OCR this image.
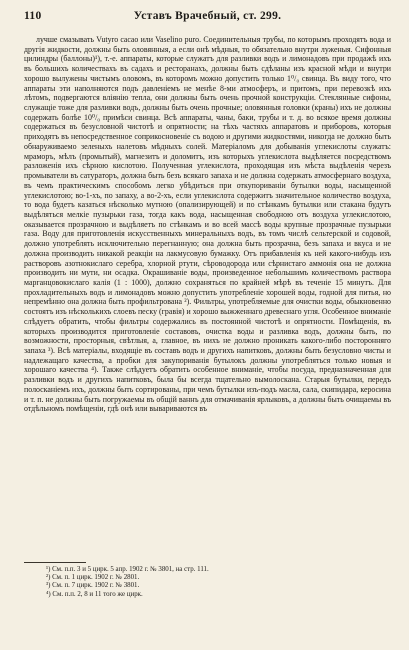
110	Уставъ Врачебный, ст. 299.

лучше смазывать Vutyro cacao или Vaselino puro. Соединительныя трубы, по которымъ проходятъ вода и другія жидкости, должны быть оловянныя, а если онѣ мѣдныя, то обязательно внутри луженыя. Сифонныя цилиндры (баллоны)¹), т.-е. аппараты, которые служатъ для разливки водъ и лимонадовъ при продажѣ ихъ въ большихъ количествахъ въ садахъ и ресторанахъ, должны быть сдѣланы изъ красной мѣди и внутри хорошо вылужены чистымъ оловомъ, въ которомъ можно допустить только 1⁰/₀ свинца. Въ виду того, что аппараты эти наполняются подъ давленіемъ не менѣе 8-ми атмосферъ, и притомъ, при перевозкѣ ихъ лѣтомъ, подвергаются вліянію тепла, они должны быть очень прочной конструкціи. Стеклянные сифоны, служащіе тоже для разливки водъ, должны быть очень прочные; оловянныя головки (краны) ихъ не должны содержать болѣе 10⁰/₀ примѣси свинца. Всѣ аппараты, чаны, баки, трубы и т. д. во всякое время должны содержаться въ безусловной чистотѣ и опрятности; на тѣхъ частяхъ аппаратовъ и приборовъ, которыя приходятъ въ непосредственное соприкосновеніе съ водою и другими жидкостями, никогда не должно быть обнаруживаемо зеленыхъ налетовъ мѣдныхъ солей. Матеріаломъ для добыванія углекислоты служатъ: мраморъ, мѣлъ (промытый), магнезитъ и доломитъ, изъ которыхъ углекислота выдѣляется посредствомъ разложенія ихъ сѣрною кислотою. Полученная углекислота, проходящая изъ мѣста выдѣленія черезъ промыватели въ сатураторъ, должна быть безъ всякаго запаха и не должна содержать атмосфернаго воздуха, въ чемъ практическимъ способомъ легко убѣдиться при откупориваніи бутылки воды, насыщенной углекислотою; во-1-хъ, по запаху, а во-2-хъ, если углекислота содержитъ значительное количество воздуха, то вода будетъ казаться нѣсколько мутною (опализирующей) и по стѣнкамъ бутылки или стакана будутъ выдѣляться мелкіе пузырьки газа, тогда какъ вода, насыщенная свободною отъ воздуха углекислотою, оказывается прозрачною и выдѣляетъ по стѣнкамъ и во всей массѣ воды крупные прозрачные пузырьки газа. Воду для приготовленія искусственныхъ минеральныхъ водъ, въ томъ числѣ сельтерской и содовой, должно употреблять исключительно перегнанную; она должна быть прозрачна, безъ запаха и вкуса и не должна производить никакой реакціи на лакмусовую бумажку. Отъ прибавленія къ ней какого-нибудь изъ растворовъ азотнокислаго серебра, хлорной ртути, сѣроводорода или сѣрнистаго аммонія она не должна производить ни мути, ни осадка. Окрашиваніе воды, произведенное небольшимъ количествомъ раствора марганцовокислаго калія (1 : 1000), должно сохраняться по крайней мѣрѣ въ теченіе 15 минутъ. Для прохладительныхъ водъ и лимонадовъ можно допустить употребленіе хорошей воды, годной для питья, но непремѣнно она должна быть профильтрована ²). Фильтры, употребляемые для очистки воды, обыкновенно состоятъ изъ нѣсколькихъ слоевъ песку (гравія) и хорошо выжженнаго древеснаго угля. Особенное вниманіе слѣдуетъ обратить, чтобы фильтры содержались въ постоянной чистотѣ и опрятности. Помѣщенія, въ которыхъ производится приготовленіе составовъ, очистка воды и разливка водъ, должны быть, по возможности, просторныя, свѣтлыя, а, главное, въ нихъ не должно проникать какого-либо посторонняго запаха ³). Всѣ матеріалы, входящіе въ составъ водъ и другихъ напитковъ, должны быть безусловно чисты и надлежащаго качества, а пробки для закупориванія бутылокъ должны употребляться только новыя и хорошаго качества ⁴). Также слѣдуетъ обратить особенное вниманіе, чтобы посуда, предназначенная для разливки водъ и другихъ напитковъ, была бы всегда тщательно вымолоскана. Старыя бутылки, передъ полосканіемъ ихъ, должны быть сортированы, при чемъ бутылки изъ-подъ масла, сала, скипидара, керосина и т. п. не должны быть погружаемы въ общій ваннъ для отмачиванія ярлыковъ, а должны быть очищаемы въ отдѣльномъ помѣщеніи, гдѣ онѣ или вывариваются въ

¹) См. п.п. 3 и 5 цирк. 5 апр. 1902 г. № 3801, на стр. 111.
²) См. п. 1 цирк. 1902 г. № 2801.
³) См. п. 7 цирк. 1902 г. № 3801.
⁴) См. п.п. 2, 8 и 11 того же цирк.
